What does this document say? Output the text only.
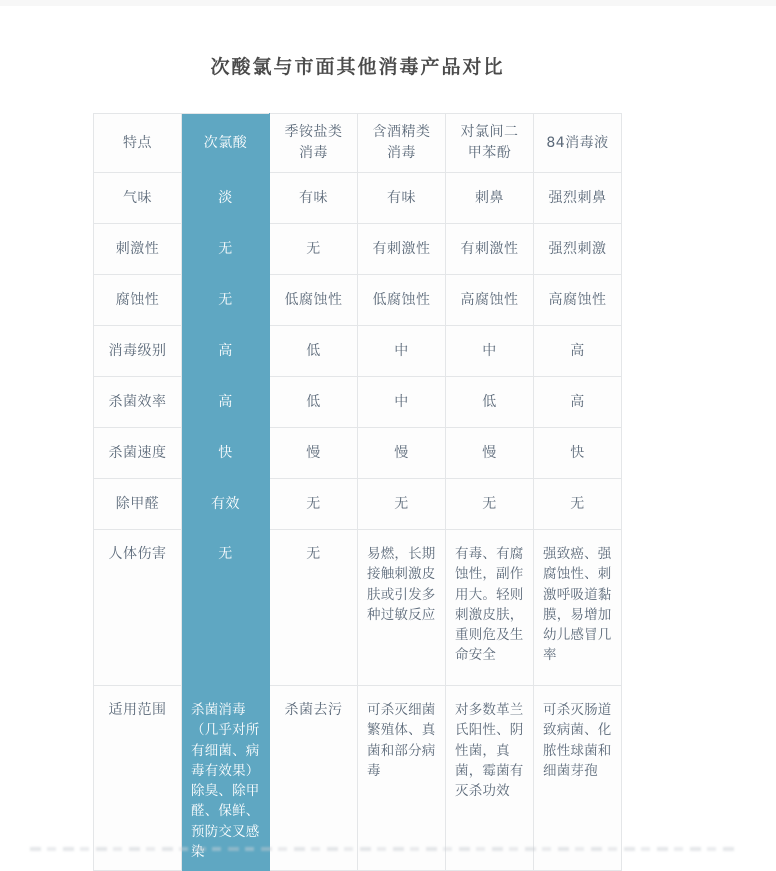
次酸氯与市面其他消毒产品对比
特点	次氯酸	季铵盐类消毒	含酒精类消毒	对氯间二甲苯酚	84消毒液
气味	淡	有味	有味	刺鼻	强烈刺鼻
刺激性	无	无	有刺激性	有刺激性	强烈刺激
腐蚀性	无	低腐蚀性	低腐蚀性	高腐蚀性	高腐蚀性
消毒级别	高	低	中	中	高
杀菌效率	高	低	中	低	高
杀菌速度	快	慢	慢	慢	快
除甲醛	有效	无	无	无	无
人体伤害	无	无	易燃，长期接触刺激皮肤或引发多种过敏反应	有毒、有腐蚀性，副作用大。轻则刺激皮肤，重则危及生命安全	强致癌、强腐蚀性、刺激呼吸道黏膜，易增加幼儿感冒几率
适用范围	杀菌消毒（几乎对所有细菌、病毒有效果）除臭、除甲醛、保鲜、预防交叉感染	杀菌去污	可杀灭细菌繁殖体、真菌和部分病毒	对多数革兰氏阳性、阴性菌，真菌，霉菌有灭杀功效	可杀灭肠道致病菌、化脓性球菌和细菌芽孢
